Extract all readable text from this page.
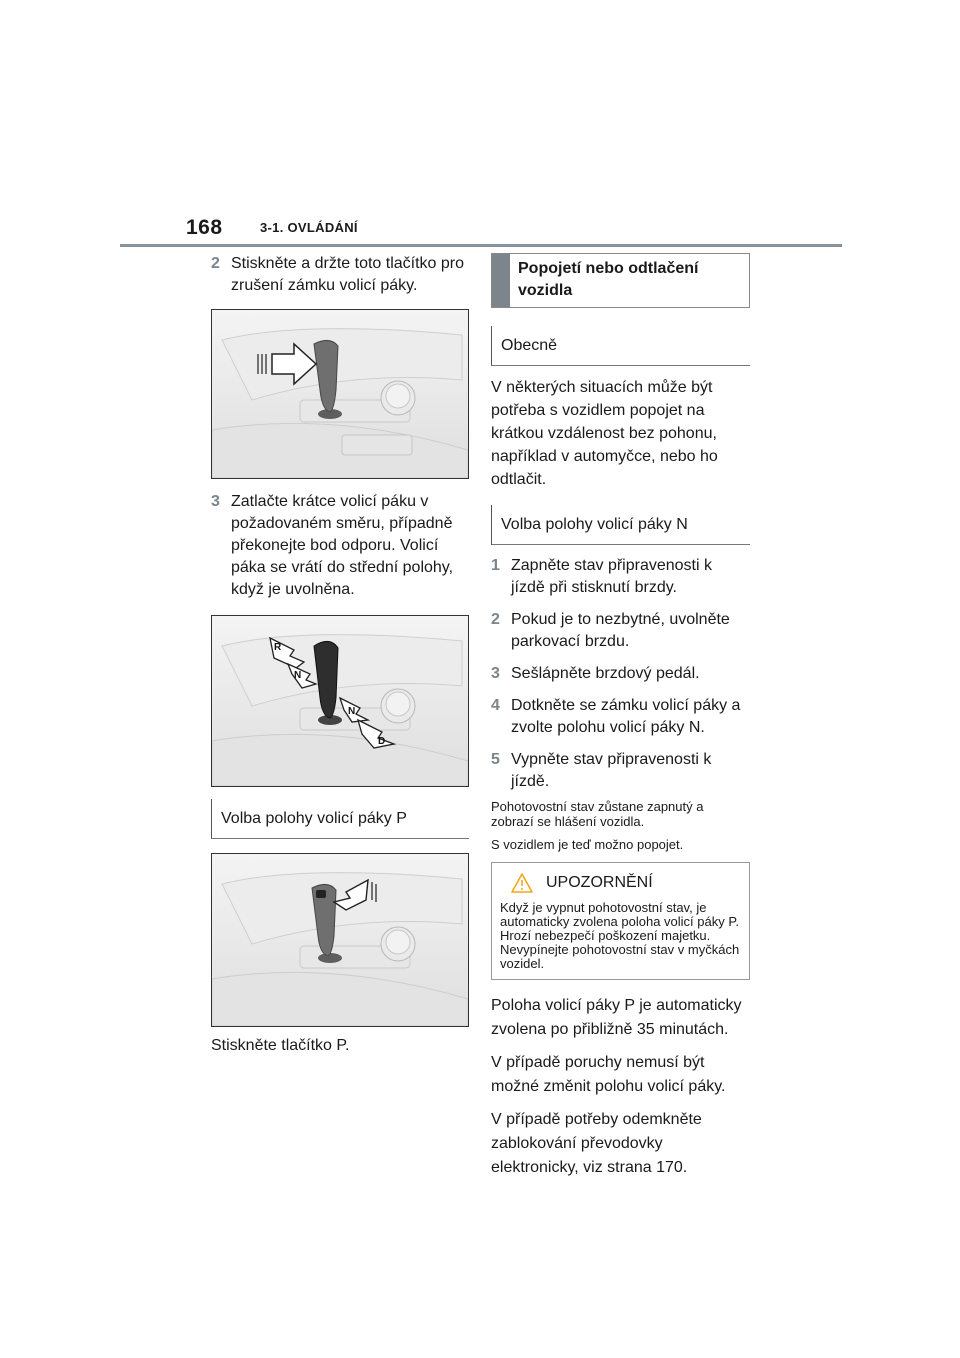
168	3-1. OVLÁDÁNÍ
2 Stiskněte a držte toto tlačítko pro zrušení zámku volicí páky.
3 Zatlačte krátce volicí páku v požadovaném směru, případně překonejte bod odporu. Volicí páka se vrátí do střední polohy, když je uvolněna.
R
N
N
D
Volba polohy volicí páky P
Stiskněte tlačítko P.
Popojetí nebo odtlačení vozidla
Obecně
V některých situacích může být potřeba s vozidlem popojet na krátkou vzdálenost bez pohonu, například v automyčce, nebo ho odtlačit.
Volba polohy volicí páky N
1 Zapněte stav připravenosti k jízdě při stisknutí brzdy.
2 Pokud je to nezbytné, uvolněte parkovací brzdu.
3 Sešlápněte brzdový pedál.
4 Dotkněte se zámku volicí páky a zvolte polohu volicí páky N.
5 Vypněte stav připravenosti k jízdě.
Pohotovostní stav zůstane zapnutý a zobrazí se hlášení vozidla.
S vozidlem je teď možno popojet.
UPOZORNĚNÍ
Když je vypnut pohotovostní stav, je automaticky zvolena poloha volicí páky P. Hrozí nebezpečí poškození majetku. Nevypínejte pohotovostní stav v myčkách vozidel.
Poloha volicí páky P je automaticky zvolena po přibližně 35 minutách.
V případě poruchy nemusí být možné změnit polohu volicí páky.
V případě potřeby odemkněte zablokování převodovky elektronicky, viz strana 170.
